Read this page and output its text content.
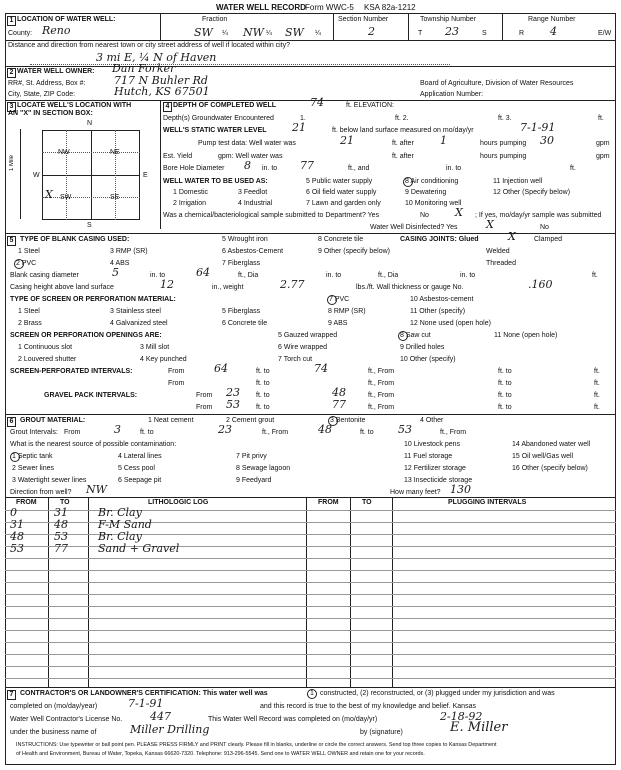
WATER WELL RECORD Form WWC-5 KSA 82a-1212
1 LOCATION OF WATER WELL:	Fraction	Section Number	Township Number	Range Number
County: Reno	SW ¼ NW ¼ SW ¼	2	T 23	S	R 4	E/W
Distance and direction from nearest town or city street address of well if located within city?
3 mi E, ¼ N of Haven
2 WATER WELL OWNER: Dan Forker
RR#, St. Address, Box #:	717 N Buhler Rd	Board of Agriculture, Division of Water Resources
City, State, ZIP Code:	Hutch, KS 67501	Application Number:
3 LOCATE WELL'S LOCATION WITH
AN "X" IN SECTION BOX:
N
S
W	E
1 Mile
NW	NE
SW	SE
X
4 DEPTH OF COMPLETED WELL	74	ft. ELEVATION:
Depth(s) Groundwater Encountered	1.	ft. 2.	ft. 3.	ft.
WELL'S STATIC WATER LEVEL 21	ft. below land surface measured on mo/day/yr	7-1-91
Pump test data: Well water was	21	ft. after 1	hours pumping 30	gpm
Est. Yield	gpm: Well water was	ft. after	hours pumping	gpm
Bore Hole Diameter 8 in. to 77	ft., and	in. to	ft.
WELL WATER TO BE USED AS:	5 Public water supply	8 Air conditioning	11 Injection well
1 Domestic	3 Feedlot	6 Oil field water supply	9 Dewatering	12 Other (Specify below)
2 Irrigation	4 Industrial	7 Lawn and garden only	10 Monitoring well
Was a chemical/bacteriological sample submitted to Department? Yes	No X ; If yes, mo/day/yr sample was submitted
Water Well Disinfected? Yes	X	No
5 TYPE OF BLANK CASING USED:	5 Wrought iron	8 Concrete tile	CASING JOINTS: Glued	X	Clamped
1 Steel	3 RMP (SR)	6 Asbestos-Cement	9 Other (specify below)	Welded
2 PVC	4 ABS	7 Fiberglass	Threaded
Blank casing diameter	5	in. to	64	ft., Dia	in. to	ft., Dia	in. to	ft.
Casing height above land surface	12	in., weight	2.77	lbs./ft. Wall thickness or gauge No.	.160
TYPE OF SCREEN OR PERFORATION MATERIAL:	7 PVC	10 Asbestos-cement
1 Steel	3 Stainless steel	5 Fiberglass	8 RMP (SR)	11 Other (specify)
2 Brass	4 Galvanized steel	6 Concrete tile	9 ABS	12 None used (open hole)
SCREEN OR PERFORATION OPENINGS ARE:	5 Gauzed wrapped	8 Saw cut	11 None (open hole)
1 Continuous slot	3 Mill slot	6 Wire wrapped	9 Drilled holes
2 Louvered shutter	4 Key punched	7 Torch cut	10 Other (specify)
SCREEN-PERFORATED INTERVALS:	From	64	ft. to	74	ft., From	ft. to	ft.
From	ft. to	ft., From	ft. to	ft.
GRAVEL PACK INTERVALS:	From 23 ft. to	48	ft., From	ft. to	ft.
From 53 ft. to	77	ft., From	ft. to	ft.
6 GROUT MATERIAL:	1 Neat cement	2 Cement grout	3 Bentonite	4 Other
Grout Intervals: From	3	ft. to	23	ft., From	48	ft. to 53	ft., From
What is the nearest source of possible contamination:	10 Livestock pens	14 Abandoned water well
1 Septic tank	4 Lateral lines	7 Pit privy	11 Fuel storage	15 Oil well/Gas well
2 Sewer lines	5 Cess pool	8 Sewage lagoon	12 Fertilizer storage	16 Other (specify below)
3 Watertight sewer lines	6 Seepage pit	9 Feedyard	13 Insecticide storage
Direction from well? NW	How many feet? 130
FROM	TO	LITHOLOGIC LOG	FROM	TO	PLUGGING INTERVALS
0	31	Br. Clay
31	48	F-M Sand
48	53	Br. Clay
53	77	Sand + Gravel
7 CONTRACTOR'S OR LANDOWNER'S CERTIFICATION: This water well was	1 constructed, (2) reconstructed, or (3) plugged under my jurisdiction and was
completed on (mo/day/year)	7-1-91	and this record is true to the best of my knowledge and belief. Kansas
Water Well Contractor's License No.	447	This Water Well Record was completed on (mo/day/yr)	2-18-92
under the business name of	Miller Drilling	by (signature)	E. Miller
INSTRUCTIONS: Use typewriter or ball point pen. PLEASE PRESS FIRMLY and PRINT clearly. Please fill in blanks, underline or circle the correct answers. Send top three copies to Kansas Department
of Health and Environment, Bureau of Water, Topeka, Kansas 66620-7320. Telephone: 913-296-5545. Send one to WATER WELL OWNER and retain one for your records.
